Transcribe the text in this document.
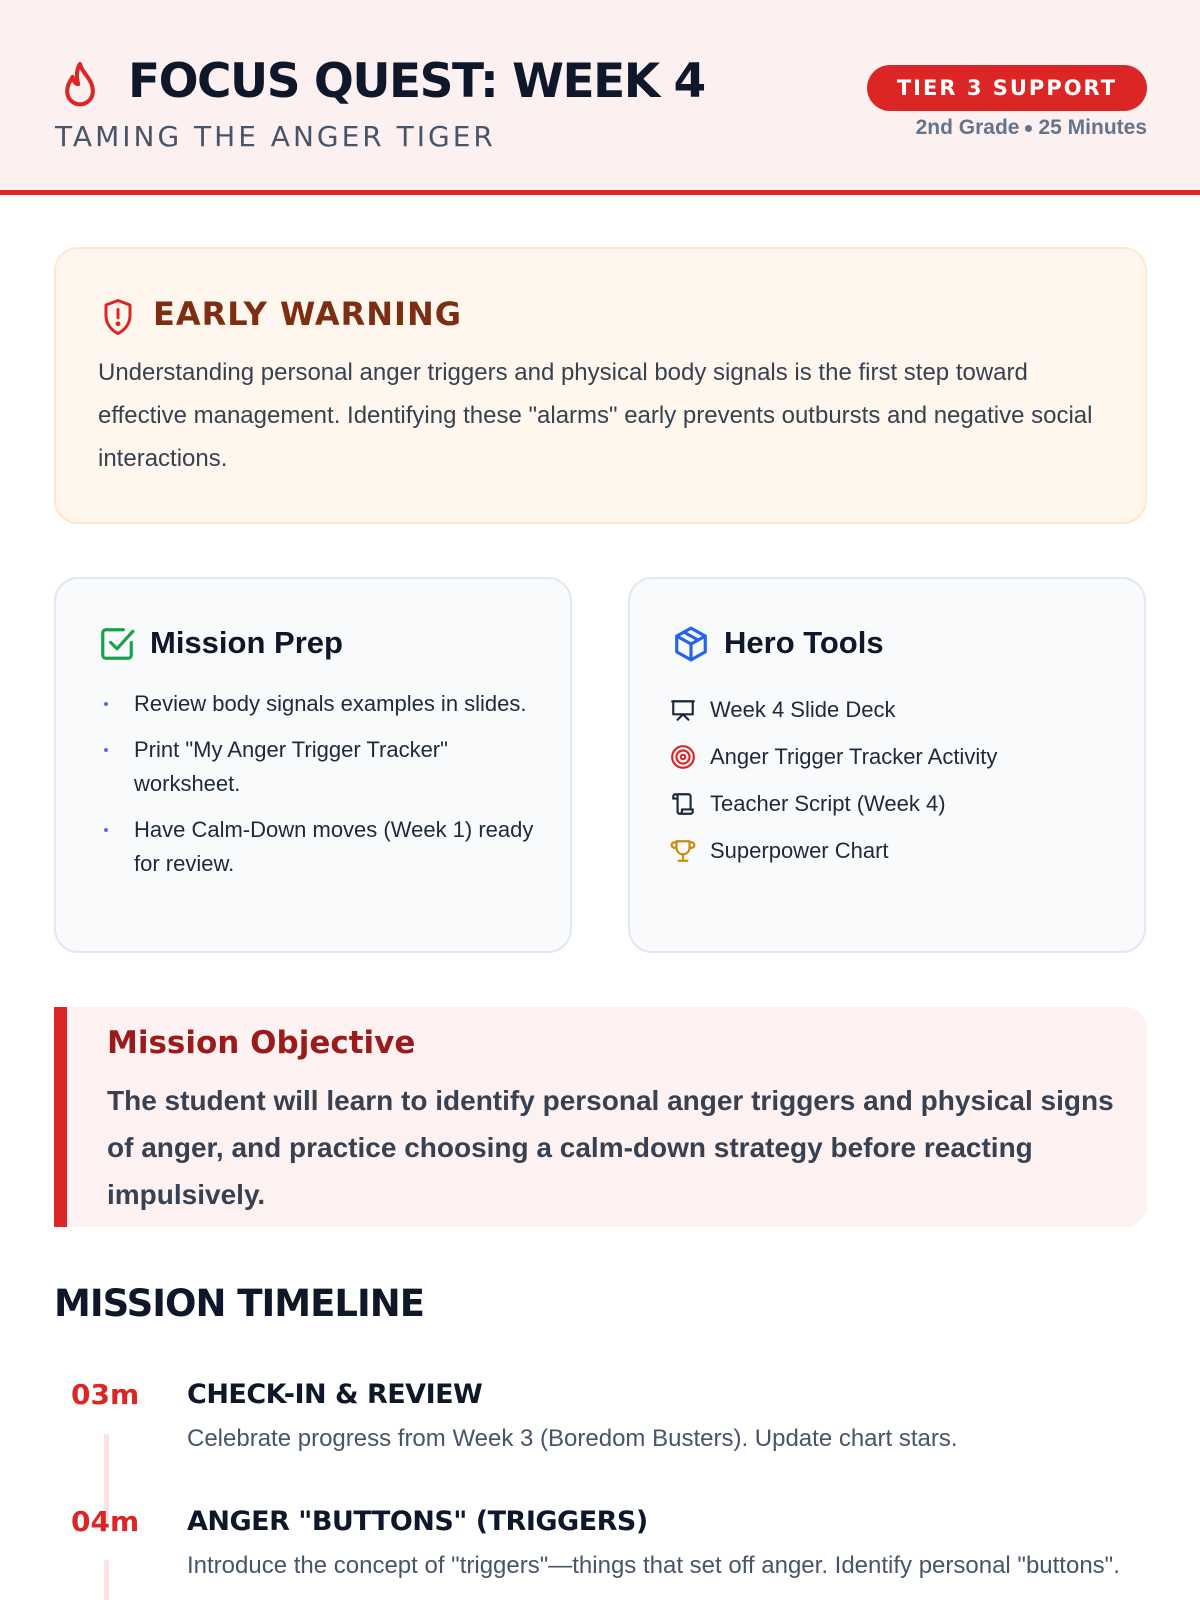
FOCUS QUEST: WEEK 4
TAMING THE ANGER TIGER
TIER 3 SUPPORT
2nd Grade 25 Minutes
EARLY WARNING

Understanding personal anger triggers and physical body signals is the first step toward effective management. Identifying these "alarms" early prevents outbursts and negative social interactions.

Mission Prep
Review body signals examples in slides.
Print "My Anger Trigger Tracker" worksheet.
Have Calm-Down moves (Week 1) ready for review.
Hero Tools
Week 4 Slide Deck
Anger Trigger Tracker Activity
Teacher Script (Week 4)
Superpower Chart
Mission Objective

The student will learn to identify personal anger triggers and physical signs of anger, and practice choosing a calm-down strategy before reacting impulsively.

MISSION TIMELINE
03m CHECK-IN & REVIEW
Celebrate progress from Week 3 (Boredom Busters). Update chart stars.
04m ANGER "BUTTONS" (TRIGGERS)
Introduce the concept of "triggers"—things that set off anger. Identify personal "buttons".
